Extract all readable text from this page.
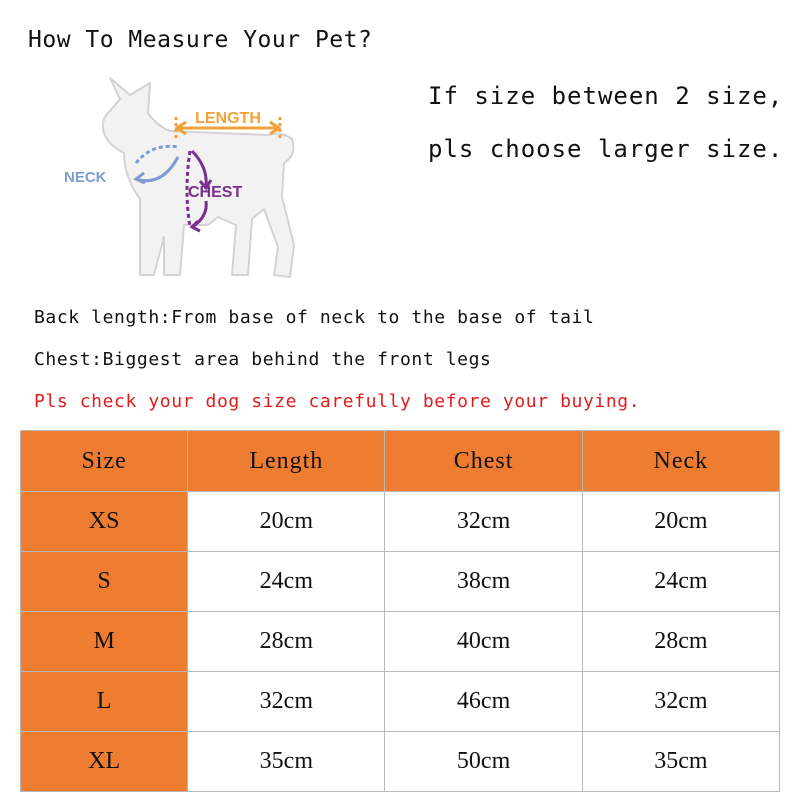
How To Measure Your Pet?
LENGTH
NECK
CHEST
If size between 2 size,
pls choose larger size.
Back length:From base of neck to the base of tail
Chest:Biggest area behind the front legs
Pls check your dog size carefully before your buying.
Size	Length	Chest	Neck
XS	20cm	32cm	20cm
S	24cm	38cm	24cm
M	28cm	40cm	28cm
L	32cm	46cm	32cm
XL	35cm	50cm	35cm
